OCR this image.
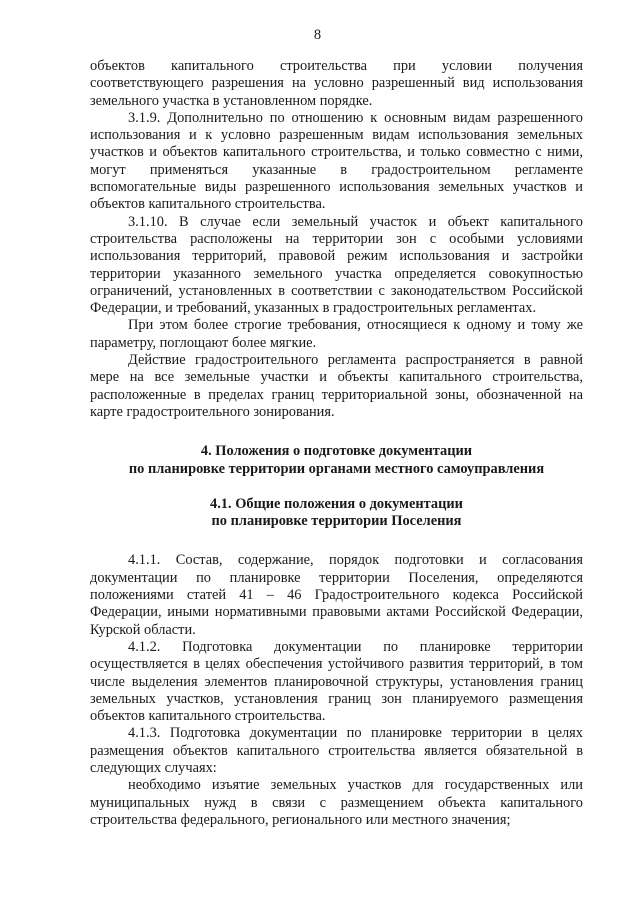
8

объектов капитального строительства при условии получения соответствующего разрешения на условно разрешенный вид использования земельного участка в установленном порядке.

3.1.9. Дополнительно по отношению к основным видам разрешенного использования и к условно разрешенным видам использования земельных участков и объектов капитального строительства, и только совместно с ними, могут применяться указанные в градостроительном регламенте вспомогательные виды разрешенного использования земельных участков и объектов капитального строительства.

3.1.10. В случае если земельный участок и объект капитального строительства расположены на территории зон с особыми условиями использования территорий, правовой режим использования и застройки территории указанного земельного участка определяется совокупностью ограничений, установленных в соответствии с законодательством Российской Федерации, и требований, указанных в градостроительных регламентах.

При этом более строгие требования, относящиеся к одному и тому же параметру, поглощают более мягкие.

Действие градостроительного регламента распространяется в равной мере на все земельные участки и объекты капитального строительства, расположенные в пределах границ территориальной зоны, обозначенной на карте градостроительного зонирования.

4. Положения о подготовке документации

по планировке территории органами местного самоуправления

4.1. Общие положения о документации

по планировке территории Поселения

4.1.1. Состав, содержание, порядок подготовки и согласования документации по планировке территории Поселения, определяются положениями статей 41 – 46 Градостроительного кодекса Российской Федерации, иными нормативными правовыми актами Российской Федерации, Курской области.

4.1.2. Подготовка документации по планировке территории осуществляется в целях обеспечения устойчивого развития территорий, в том числе выделения элементов планировочной структуры, установления границ земельных участков, установления границ зон планируемого размещения объектов капитального строительства.

4.1.3. Подготовка документации по планировке территории в целях размещения объектов капитального строительства является обязательной в следующих случаях:

необходимо изъятие земельных участков для государственных или муниципальных нужд в связи с размещением объекта капитального строительства федерального, регионального или местного значения;
